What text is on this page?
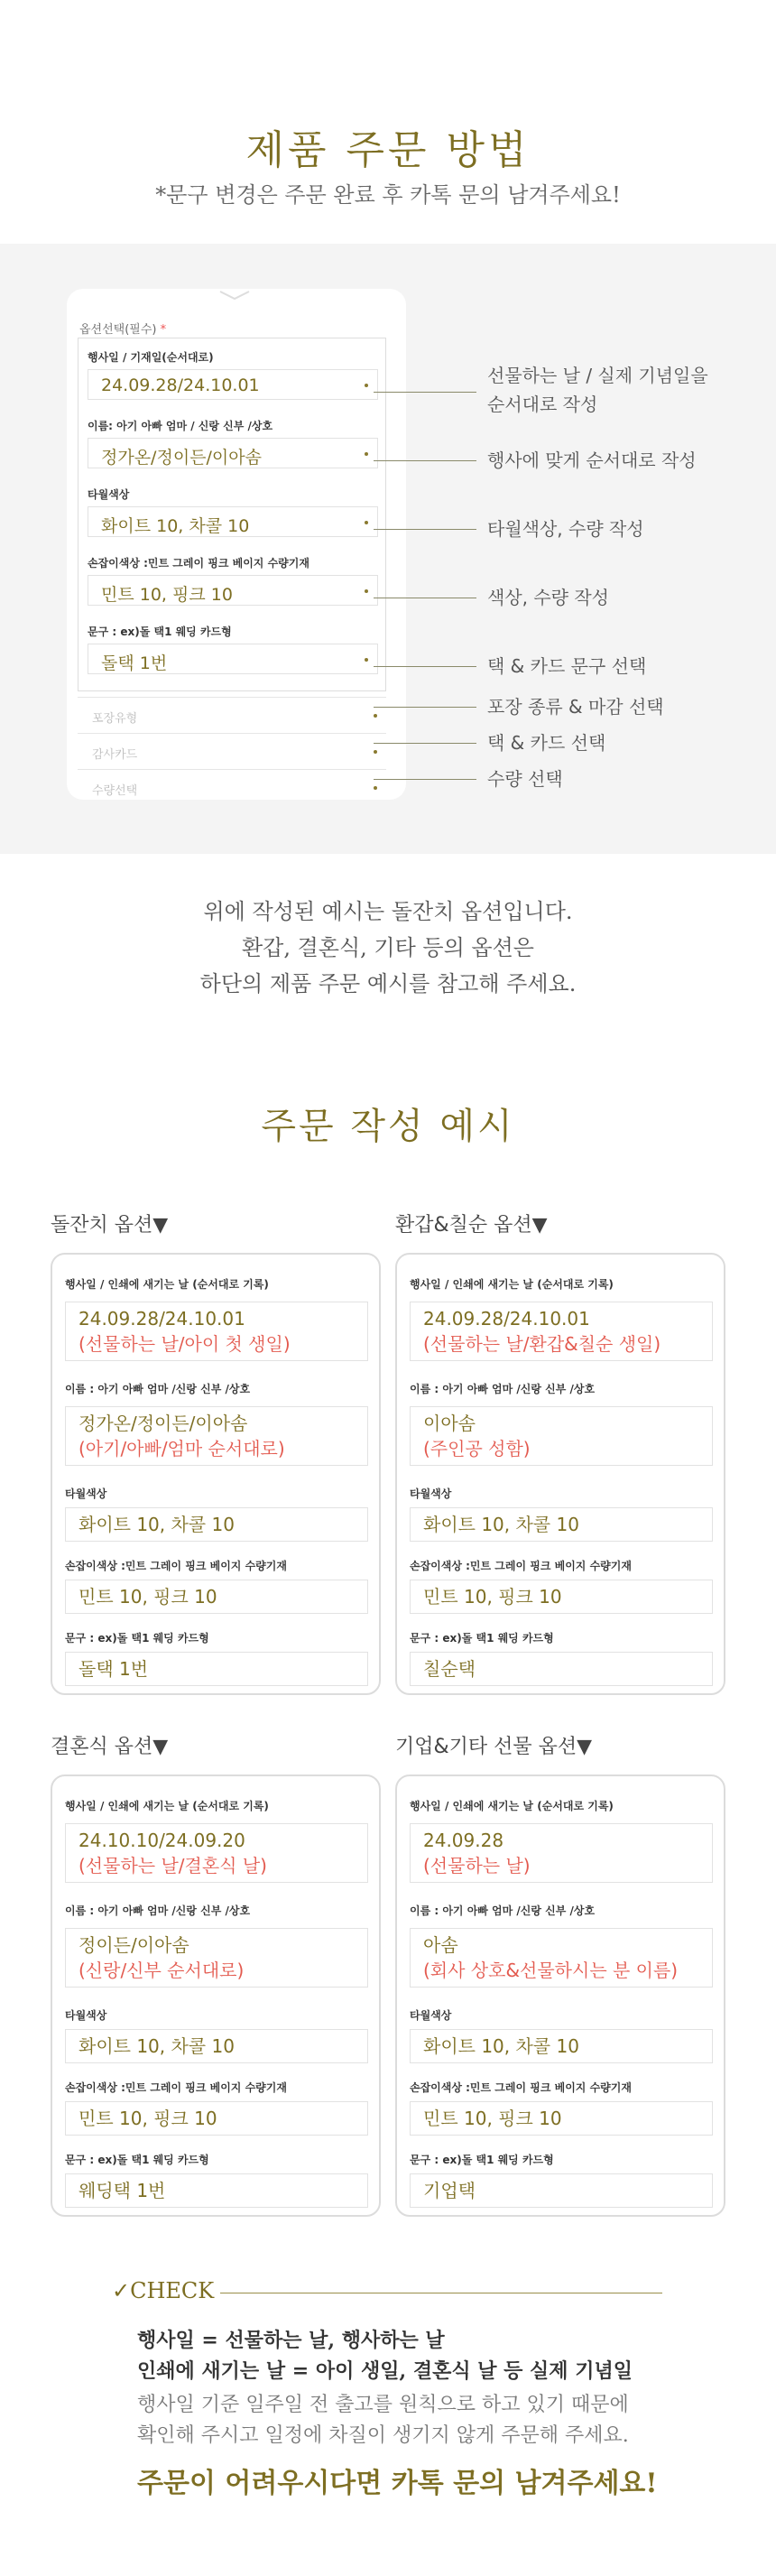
제품 주문 방법
*문구 변경은 주문 완료 후 카톡 문의 남겨주세요!
옵션선택(필수) *
행사일 / 기재일(순서대로)
24.09.28/24.10.01
이름: 아기 아빠 엄마 / 신랑 신부 /상호
정가온/정이든/이아솜
타월색상
화이트 10, 차콜 10
손잡이색상 :민트 그레이 핑크 베이지 수량기재
민트 10, 핑크 10
문구 : ex)돌 택1 웨딩 카드형
돌택 1번
포장유형
감사카드
수량선택
선물하는 날 / 실제 기념일을
순서대로 작성
행사에 맞게 순서대로 작성
타월색상, 수량 작성
색상, 수량 작성
택 & 카드 문구 선택
포장 종류 & 마감 선택
택 & 카드 선택
수량 선택
위에 작성된 예시는 돌잔치 옵션입니다.
환갑, 결혼식, 기타 등의 옵션은
하단의 제품 주문 예시를 참고해 주세요.
주문 작성 예시
돌잔치 옵션▼
행사일 / 인쇄에 새기는 날 (순서대로 기록)
24.09.28/24.10.01
(선물하는 날/아이 첫 생일)
이름 : 아기 아빠 엄마 /신랑 신부 /상호
정가온/정이든/이아솜
(아기/아빠/엄마 순서대로)
타월색상
화이트 10, 차콜 10
손잡이색상 :민트 그레이 핑크 베이지 수량기재
민트 10, 핑크 10
문구 : ex)돌 택1 웨딩 카드형
돌택 1번
환갑&칠순 옵션▼
행사일 / 인쇄에 새기는 날 (순서대로 기록)
24.09.28/24.10.01
(선물하는 날/환갑&칠순 생일)
이름 : 아기 아빠 엄마 /신랑 신부 /상호
이아솜
(주인공 성함)
타월색상
화이트 10, 차콜 10
손잡이색상 :민트 그레이 핑크 베이지 수량기재
민트 10, 핑크 10
문구 : ex)돌 택1 웨딩 카드형
칠순택
결혼식 옵션▼
행사일 / 인쇄에 새기는 날 (순서대로 기록)
24.10.10/24.09.20
(선물하는 날/결혼식 날)
이름 : 아기 아빠 엄마 /신랑 신부 /상호
정이든/이아솜
(신랑/신부 순서대로)
타월색상
화이트 10, 차콜 10
손잡이색상 :민트 그레이 핑크 베이지 수량기재
민트 10, 핑크 10
문구 : ex)돌 택1 웨딩 카드형
웨딩택 1번
기업&기타 선물 옵션▼
행사일 / 인쇄에 새기는 날 (순서대로 기록)
24.09.28
(선물하는 날)
이름 : 아기 아빠 엄마 /신랑 신부 /상호
아솜
(회사 상호&선물하시는 분 이름)
타월색상
화이트 10, 차콜 10
손잡이색상 :민트 그레이 핑크 베이지 수량기재
민트 10, 핑크 10
문구 : ex)돌 택1 웨딩 카드형
기업택
✓CHECK
행사일 = 선물하는 날, 행사하는 날
인쇄에 새기는 날 = 아이 생일, 결혼식 날 등 실제 기념일
행사일 기준 일주일 전 출고를 원칙으로 하고 있기 때문에
확인해 주시고 일정에 차질이 생기지 않게 주문해 주세요.
주문이 어려우시다면 카톡 문의 남겨주세요!
